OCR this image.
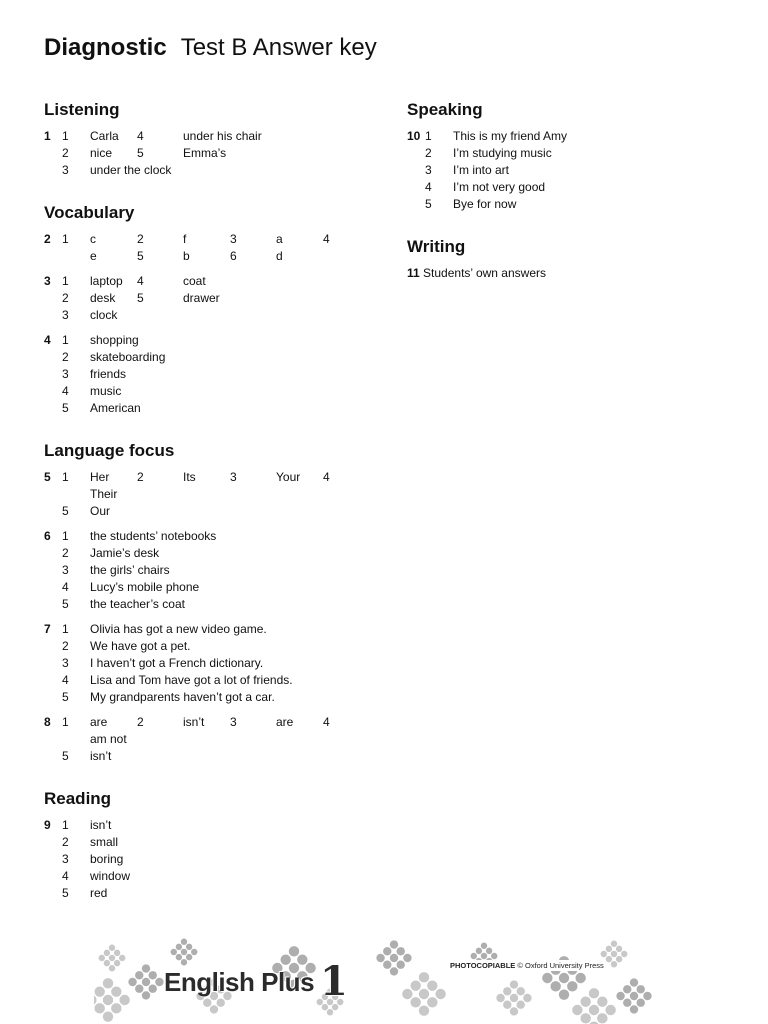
Diagnostic Test B Answer key
Listening
1 1 Carla 4	under his chair
2 nice 5	Emma’s
3 under the clock
Vocabulary
2 1 c	2	f	3	a	4
e	5	b	6	d
3 1 laptop 4	coat
2 desk 5	drawer
3 clock
4 1 shopping
2 skateboarding
3 friends
4 music
5 American
Language focus
5 1 Her 2	Its	3	Your 4
Their
5 Our
6 1 the students’ notebooks
2 Jamie’s desk
3 the girls’ chairs
4 Lucy’s mobile phone
5 the teacher’s coat
7 1 Olivia has got a new video game.
2 We have got a pet.
3 I haven’t got a French dictionary.
4 Lisa and Tom have got a lot of friends.
5 My grandparents haven’t got a car.
8 1 are 2	isn’t 3	are 4
am not
5 isn’t
Reading
9 1 isn’t
2 small
3 boring
4 window
5 red
Speaking
10 1 This is my friend Amy
2 I’m studying music
3 I’m into art
4 I’m not very good
5 Bye for now
Writing
11 Students’ own answers
English Plus 1	PHOTOCOPIABLE © Oxford University Press
